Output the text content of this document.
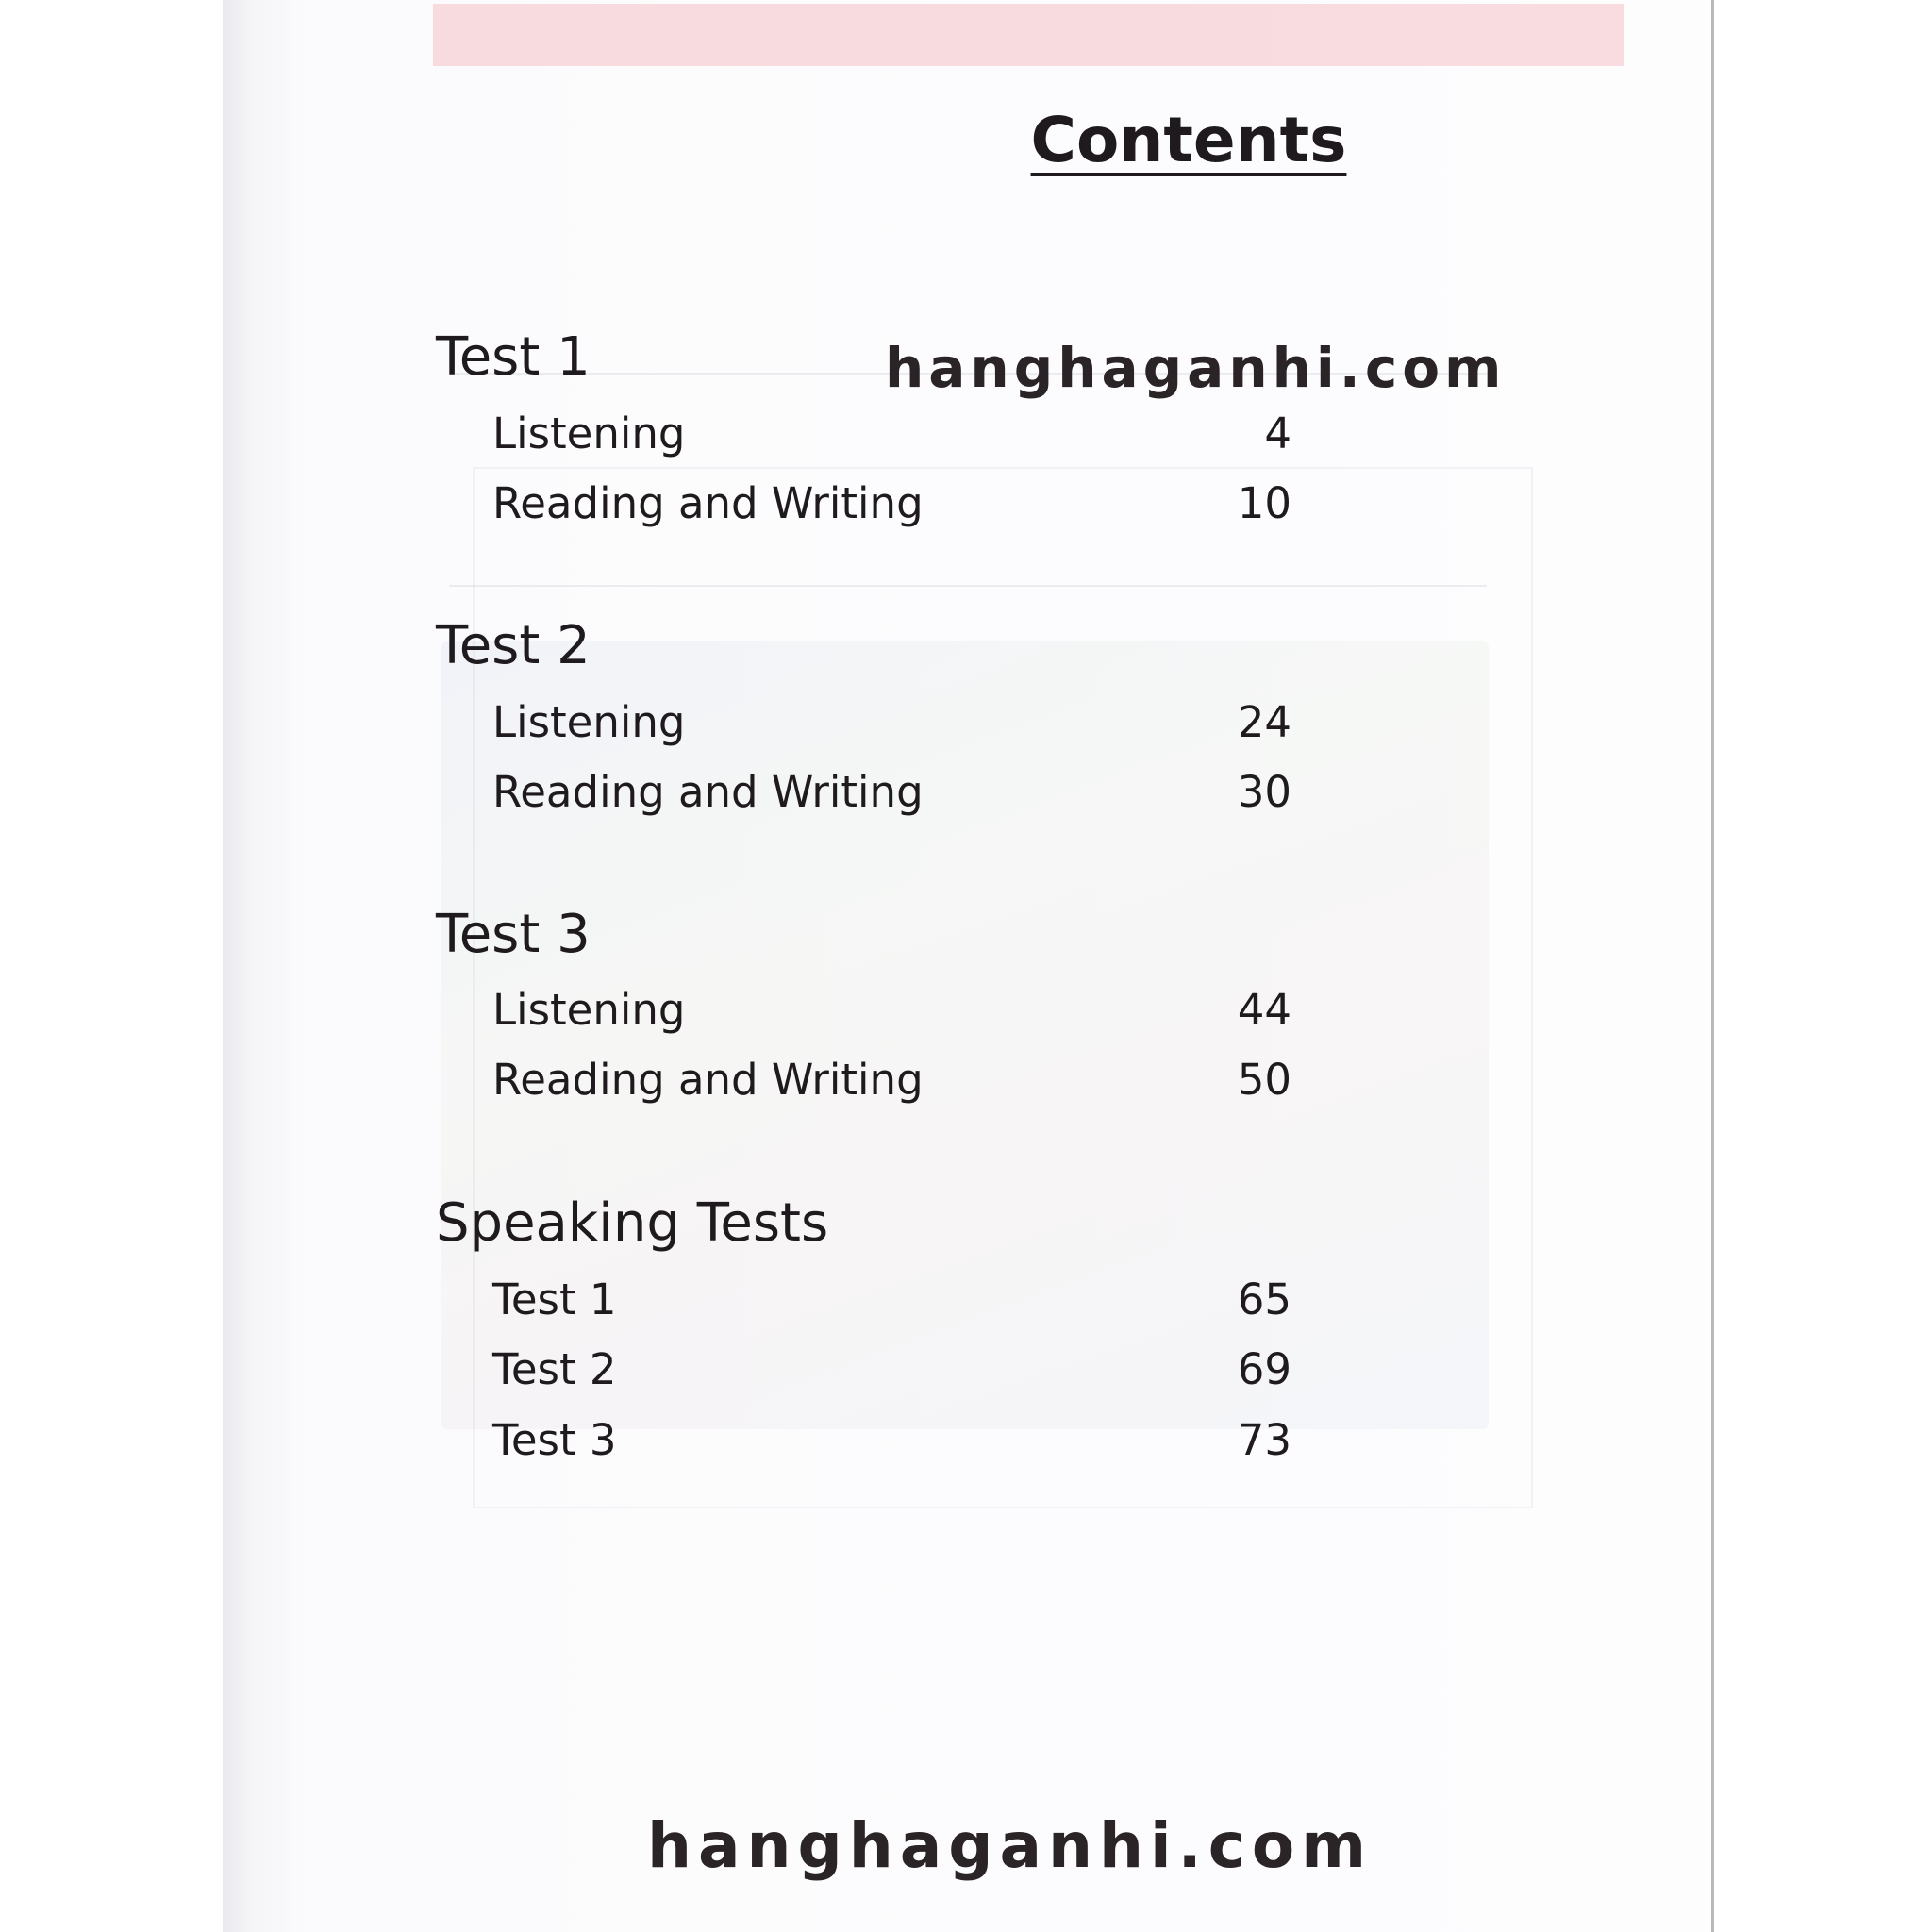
Contents
Test 1
Listening	4
Reading and Writing	10
Test 2
Listening	24
Reading and Writing	30
Test 3
Listening	44
Reading and Writing	50
Speaking Tests
Test 1	65
Test 2	69
Test 3	73
hanghaganhi.com
hanghaganhi.com
